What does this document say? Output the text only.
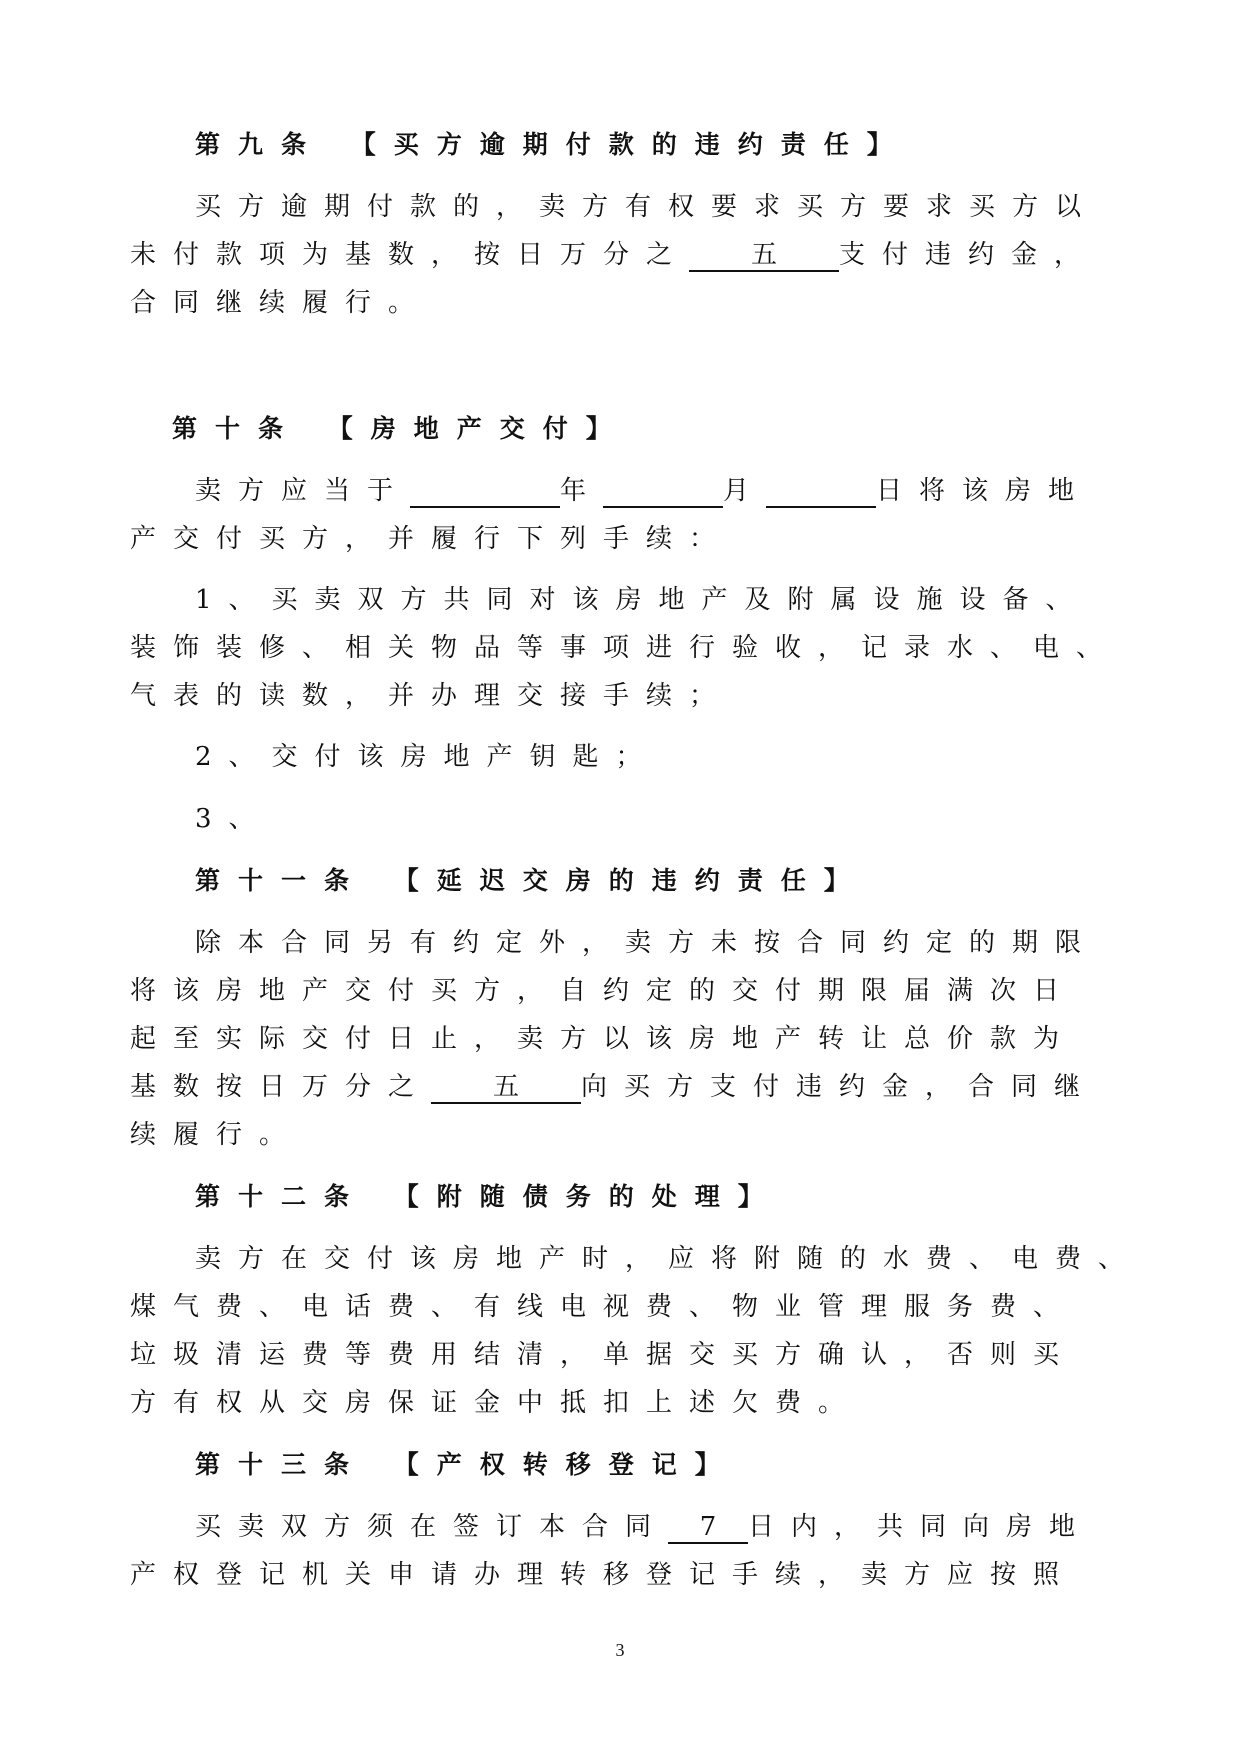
第九条 【买方逾期付款的违约责任】
买方逾期付款的，卖方有权要求买方要求买方以
未付款项为基数，按日万分之 五 支付违约金，
合同继续履行。
第十条 【房地产交付】
卖方应当于	年	月	日将该房地
产交付买方，并履行下列手续：
1、买卖双方共同对该房地产及附属设施设备、
装饰装修、相关物品等事项进行验收，记录水、电、
气表的读数，并办理交接手续；
2、交付该房地产钥匙；
3、
第十一条 【延迟交房的违约责任】
除本合同另有约定外，卖方未按合同约定的期限
将该房地产交付买方，自约定的交付期限届满次日
起至实际交付日止，卖方以该房地产转让总价款为
基数按日万分之 五 向买方支付违约金，合同继
续履行。
第十二条 【附随债务的处理】
卖方在交付该房地产时，应将附随的水费、电费、
煤气费、电话费、有线电视费、物业管理服务费、
垃圾清运费等费用结清，单据交买方确认，否则买
方有权从交房保证金中抵扣上述欠费。
第十三条 【产权转移登记】
买卖双方须在签订本合同 7 日内，共同向房地
产权登记机关申请办理转移登记手续，卖方应按照
3
